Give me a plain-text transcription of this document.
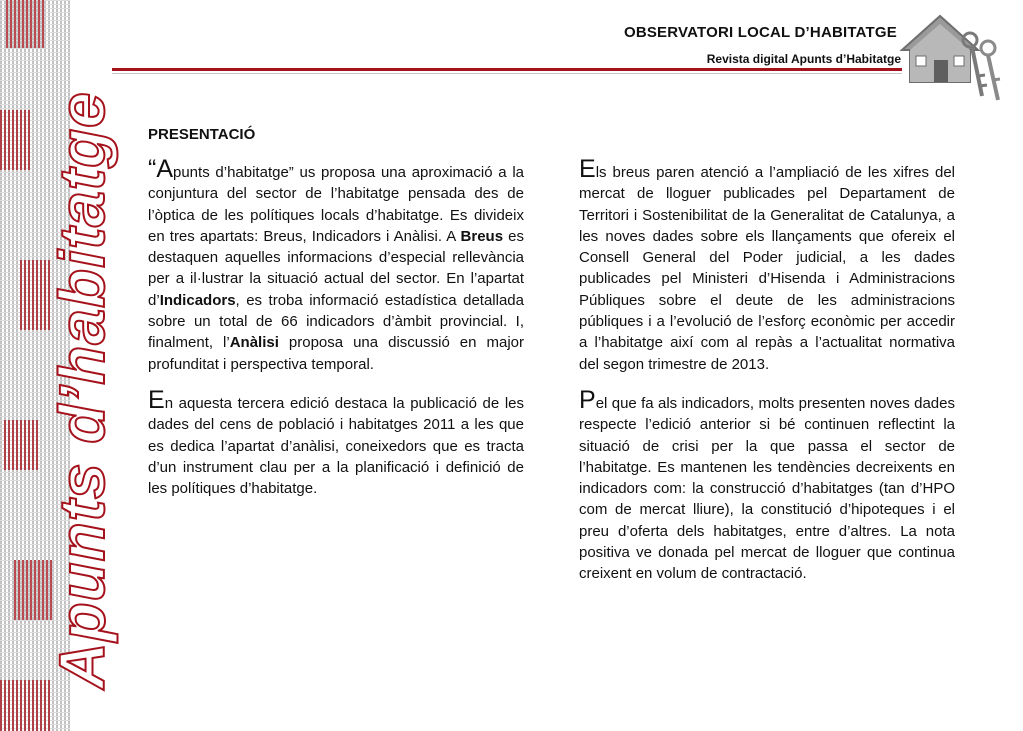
Apunts d’habitatge
OBSERVATORI LOCAL D’HABITATGE
Revista digital Apunts d’Habitatge
PRESENTACIÓ

“Apunts d’habitatge” us proposa una aproximació a la conjuntura del sector de l’habitatge pensada des de l’òptica de les polítiques locals d’habitatge. Es divideix en tres apartats: Breus, Indicadors i Anàlisi. A Breus es destaquen aquelles informacions d’especial rellevància per a il·lustrar la situació actual del sector. En l’apartat d’Indicadors, es troba informació estadística detallada sobre un total de 66 indicadors d’àmbit provincial. I, finalment, l’Anàlisi proposa una discussió en major profunditat i perspectiva temporal.

En aquesta tercera edició destaca la publicació de les dades del cens de població i habitatges 2011 a les que es dedica l’apartat d’anàlisi, coneixedors que es tracta d’un instrument clau per a la planificació i definició de les polítiques d’habitatge.

Els breus paren atenció a l’ampliació de les xifres del mercat de lloguer publicades pel Departament de Territori i Sostenibilitat de la Generalitat de Catalunya, a les noves dades sobre els llançaments que ofereix el Consell General del Poder judicial, a les dades publicades pel Ministeri d’Hisenda i Administracions Públiques sobre el deute de les administracions públiques i a l’evolució de l’esforç econòmic per accedir a l’habitatge així com al repàs a l’actualitat normativa del segon trimestre de 2013.

Pel que fa als indicadors, molts presenten noves dades respecte l’edició anterior si bé continuen reflectint la situació de crisi per la que passa el sector de l’habitatge. Es mantenen les tendències decreixents en indicadors com: la construcció d’habitatges (tan d’HPO com de mercat lliure), la constitució d’hipoteques i el preu d’oferta dels habitatges, entre d’altres. La nota positiva ve donada pel mercat de lloguer que continua creixent en volum de contractació.
